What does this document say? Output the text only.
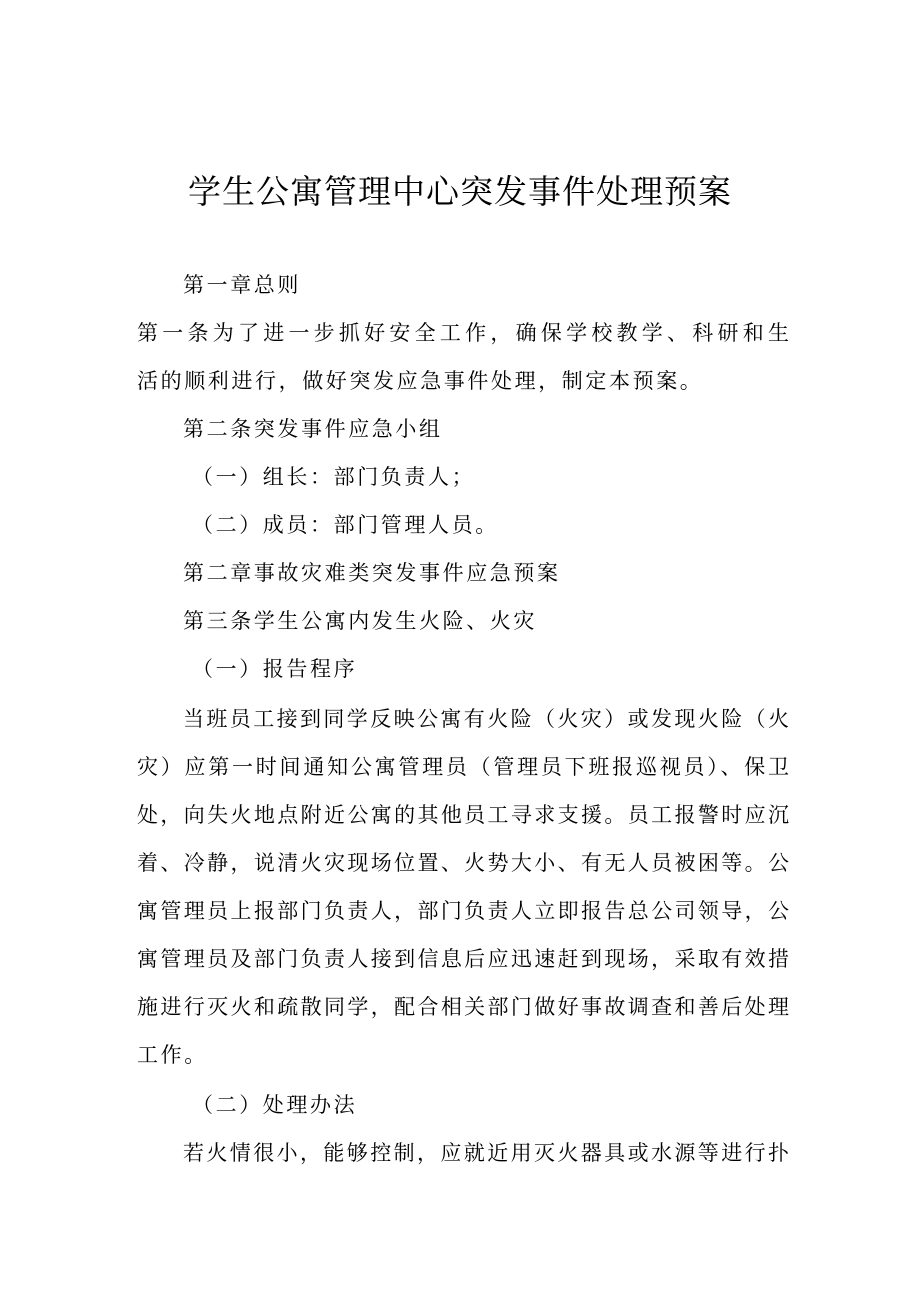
学生公寓管理中心突发事件处理预案
第一章总则
第一条为了进一步抓好安全工作，确保学校教学、科研和生
活的顺利进行，做好突发应急事件处理，制定本预案。
第二条突发事件应急小组
（一）组长：部门负责人；
（二）成员：部门管理人员。
第二章事故灾难类突发事件应急预案
第三条学生公寓内发生火险、火灾
（一）报告程序
当班员工接到同学反映公寓有火险（火灾）或发现火险（火
灾）应第一时间通知公寓管理员（管理员下班报巡视员）、保卫
处，向失火地点附近公寓的其他员工寻求支援。员工报警时应沉
着、冷静，说清火灾现场位置、火势大小、有无人员被困等。公
寓管理员上报部门负责人，部门负责人立即报告总公司领导，公
寓管理员及部门负责人接到信息后应迅速赶到现场，采取有效措
施进行灭火和疏散同学，配合相关部门做好事故调查和善后处理
工作。
（二）处理办法
若火情很小，能够控制，应就近用灭火器具或水源等进行扑
